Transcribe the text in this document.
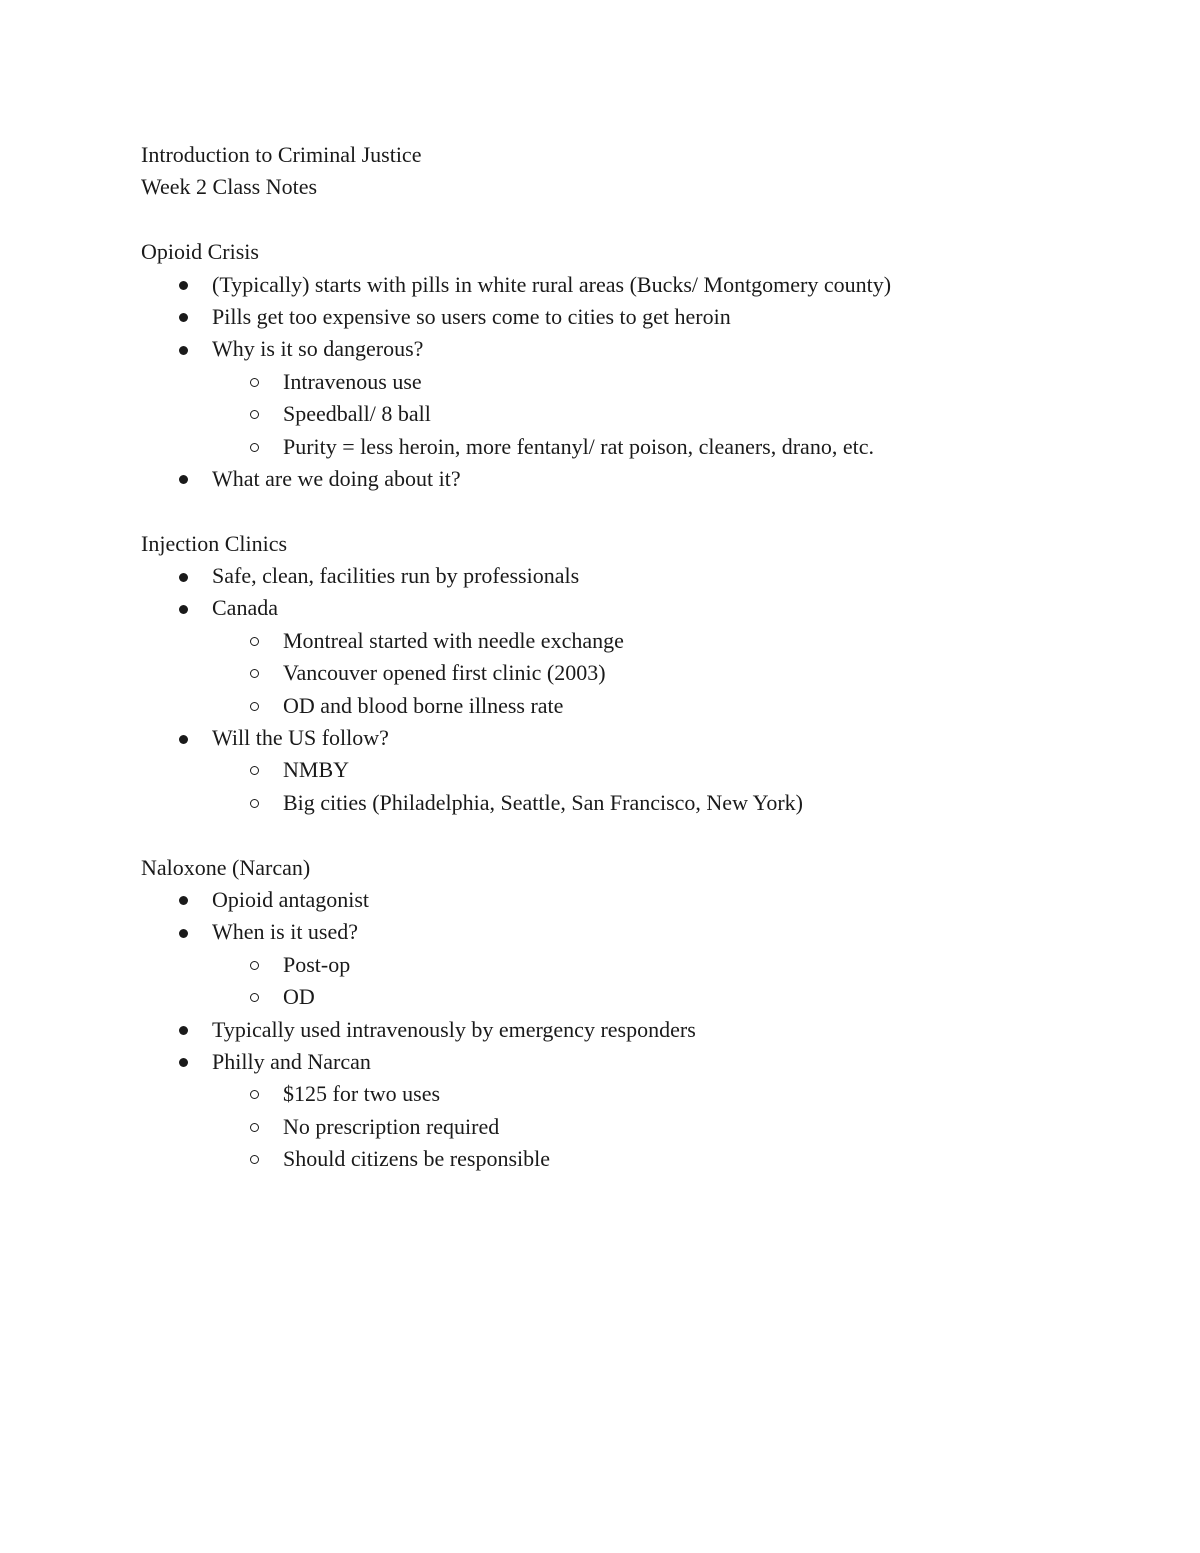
Introduction to Criminal Justice
Week 2 Class Notes
Opioid Crisis
(Typically) starts with pills in white rural areas (Bucks/ Montgomery county)
Pills get too expensive so users come to cities to get heroin
Why is it so dangerous?
Intravenous use
Speedball/ 8 ball
Purity = less heroin, more fentanyl/ rat poison, cleaners, drano, etc.
What are we doing about it?
Injection Clinics
Safe, clean, facilities run by professionals
Canada
Montreal started with needle exchange
Vancouver opened first clinic (2003)
OD and blood borne illness rate
Will the US follow?
NMBY
Big cities (Philadelphia, Seattle, San Francisco, New York)
Naloxone (Narcan)
Opioid antagonist
When is it used?
Post-op
OD
Typically used intravenously by emergency responders
Philly and Narcan
$125 for two uses
No prescription required
Should citizens be responsible
